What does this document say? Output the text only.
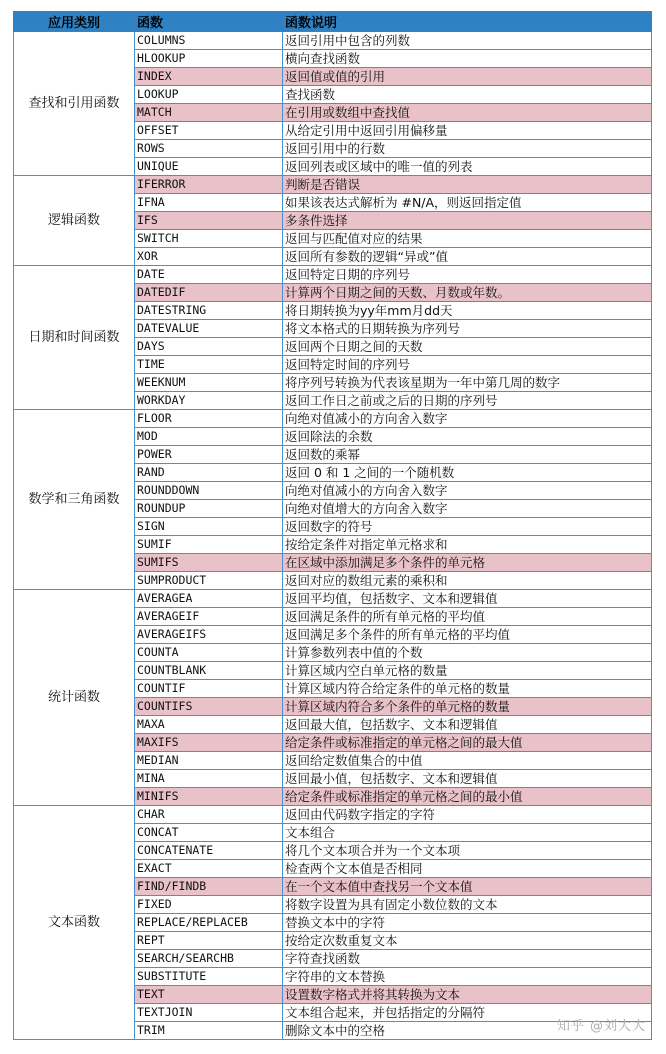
应用类别	函数	函数说明
查找和引用函数	COLUMNS	返回引用中包含的列数
	HLOOKUP	横向查找函数
	INDEX	返回值或值的引用
	LOOKUP	查找函数
	MATCH	在引用或数组中查找值
	OFFSET	从给定引用中返回引用偏移量
	ROWS	返回引用中的行数
	UNIQUE	返回列表或区域中的唯一值的列表
逻辑函数	IFERROR	判断是否错误
	IFNA	如果该表达式解析为 #N/A，则返回指定值
	IFS	多条件选择
	SWITCH	返回与匹配值对应的结果
	XOR	返回所有参数的逻辑“异或”值
日期和时间函数	DATE	返回特定日期的序列号
	DATEDIF	计算两个日期之间的天数、月数或年数。
	DATESTRING	将日期转换为yy年mm月dd天
	DATEVALUE	将文本格式的日期转换为序列号
	DAYS	返回两个日期之间的天数
	TIME	返回特定时间的序列号
	WEEKNUM	将序列号转换为代表该星期为一年中第几周的数字
	WORKDAY	返回工作日之前或之后的日期的序列号
数学和三角函数	FLOOR	向绝对值减小的方向舍入数字
	MOD	返回除法的余数
	POWER	返回数的乘幂
	RAND	返回 0 和 1 之间的一个随机数
	ROUNDDOWN	向绝对值减小的方向舍入数字
	ROUNDUP	向绝对值增大的方向舍入数字
	SIGN	返回数字的符号
	SUMIF	按给定条件对指定单元格求和
	SUMIFS	在区域中添加满足多个条件的单元格
	SUMPRODUCT	返回对应的数组元素的乘积和
统计函数	AVERAGEA	返回平均值，包括数字、文本和逻辑值
	AVERAGEIF	返回满足条件的所有单元格的平均值
	AVERAGEIFS	返回满足多个条件的所有单元格的平均值
	COUNTA	计算参数列表中值的个数
	COUNTBLANK	计算区域内空白单元格的数量
	COUNTIF	计算区域内符合给定条件的单元格的数量
	COUNTIFS	计算区域内符合多个条件的单元格的数量
	MAXA	返回最大值，包括数字、文本和逻辑值
	MAXIFS	给定条件或标准指定的单元格之间的最大值
	MEDIAN	返回给定数值集合的中值
	MINA	返回最小值，包括数字、文本和逻辑值
	MINIFS	给定条件或标准指定的单元格之间的最小值
文本函数	CHAR	返回由代码数字指定的字符
	CONCAT	文本组合
	CONCATENATE	将几个文本项合并为一个文本项
	EXACT	检查两个文本值是否相同
	FIND/FINDB	在一个文本值中查找另一个文本值
	FIXED	将数字设置为具有固定小数位数的文本
	REPLACE/REPLACEB	替换文本中的字符
	REPT	按给定次数重复文本
	SEARCH/SEARCHB	字符查找函数
	SUBSTITUTE	字符串的文本替换
	TEXT	设置数字格式并将其转换为文本
	TEXTJOIN	文本组合起来，并包括指定的分隔符
	TRIM	删除文本中的空格	知乎 @刘大大
